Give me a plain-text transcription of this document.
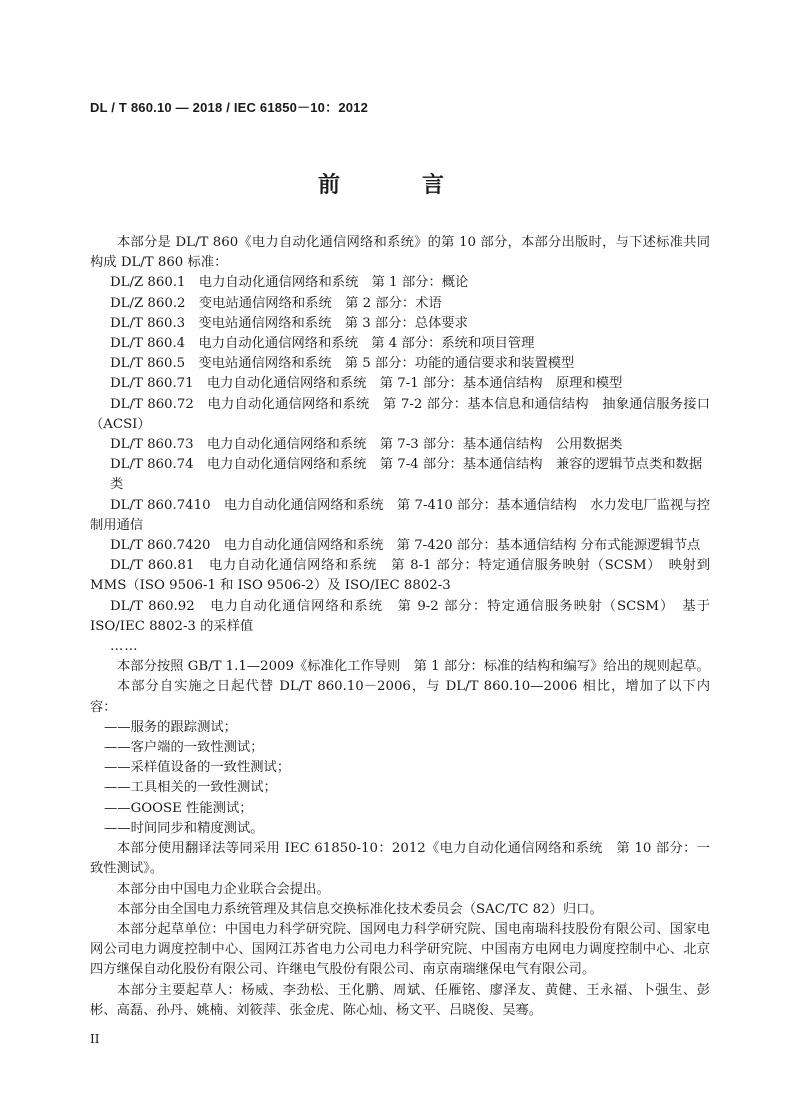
DL / T 860.10 — 2018 / IEC 61850－10：2012
前　言

本部分是 DL/T 860《电力自动化通信网络和系统》的第 10 部分，本部分出版时，与下述标准共同构成 DL/T 860 标准：

DL/Z 860.1　电力自动化通信网络和系统　第 1 部分：概论

DL/Z 860.2　变电站通信网络和系统　第 2 部分：术语

DL/T 860.3　变电站通信网络和系统　第 3 部分：总体要求

DL/T 860.4　电力自动化通信网络和系统　第 4 部分：系统和项目管理

DL/T 860.5　变电站通信网络和系统　第 5 部分：功能的通信要求和装置模型

DL/T 860.71　电力自动化通信网络和系统　第 7-1 部分：基本通信结构　原理和模型

DL/T 860.72　电力自动化通信网络和系统　第 7-2 部分：基本信息和通信结构　抽象通信服务接口（ACSI）

DL/T 860.73　电力自动化通信网络和系统　第 7-3 部分：基本通信结构　公用数据类

DL/T 860.74　电力自动化通信网络和系统　第 7-4 部分：基本通信结构　兼容的逻辑节点类和数据类

DL/T 860.7410　电力自动化通信网络和系统　第 7-410 部分：基本通信结构　水力发电厂监视与控制用通信

DL/T 860.7420　电力自动化通信网络和系统　第 7-420 部分：基本通信结构 分布式能源逻辑节点

DL/T 860.81　电力自动化通信网络和系统　第 8-1 部分：特定通信服务映射（SCSM）　映射到 MMS（ISO 9506-1 和 ISO 9506-2）及 ISO/IEC 8802-3

DL/T 860.92　电力自动化通信网络和系统　第 9-2 部分：特定通信服务映射（SCSM）　基于 ISO/IEC 8802-3 的采样值

……

本部分按照 GB/T 1.1—2009《标准化工作导则　第 1 部分：标准的结构和编写》给出的规则起草。

本部分自实施之日起代替 DL/T 860.10－2006，与 DL/T 860.10—2006 相比，增加了以下内容：

——服务的跟踪测试；

——客户端的一致性测试；

——采样值设备的一致性测试；

——工具相关的一致性测试；

——GOOSE 性能测试；

——时间同步和精度测试。

本部分使用翻译法等同采用 IEC 61850-10：2012《电力自动化通信网络和系统　第 10 部分：一致性测试》。

本部分由中国电力企业联合会提出。

本部分由全国电力系统管理及其信息交换标准化技术委员会（SAC/TC 82）归口。

本部分起草单位：中国电力科学研究院、国网电力科学研究院、国电南瑞科技股份有限公司、国家电网公司电力调度控制中心、国网江苏省电力公司电力科学研究院、中国南方电网电力调度控制中心、北京四方继保自动化股份有限公司、许继电气股份有限公司、南京南瑞继保电气有限公司。

本部分主要起草人：杨威、李劲松、王化鹏、周斌、任雁铭、廖泽友、黄健、王永福、卜强生、彭彬、高磊、孙丹、姚楠、刘筱萍、张金虎、陈心灿、杨文平、吕晓俊、吴骞。

II
